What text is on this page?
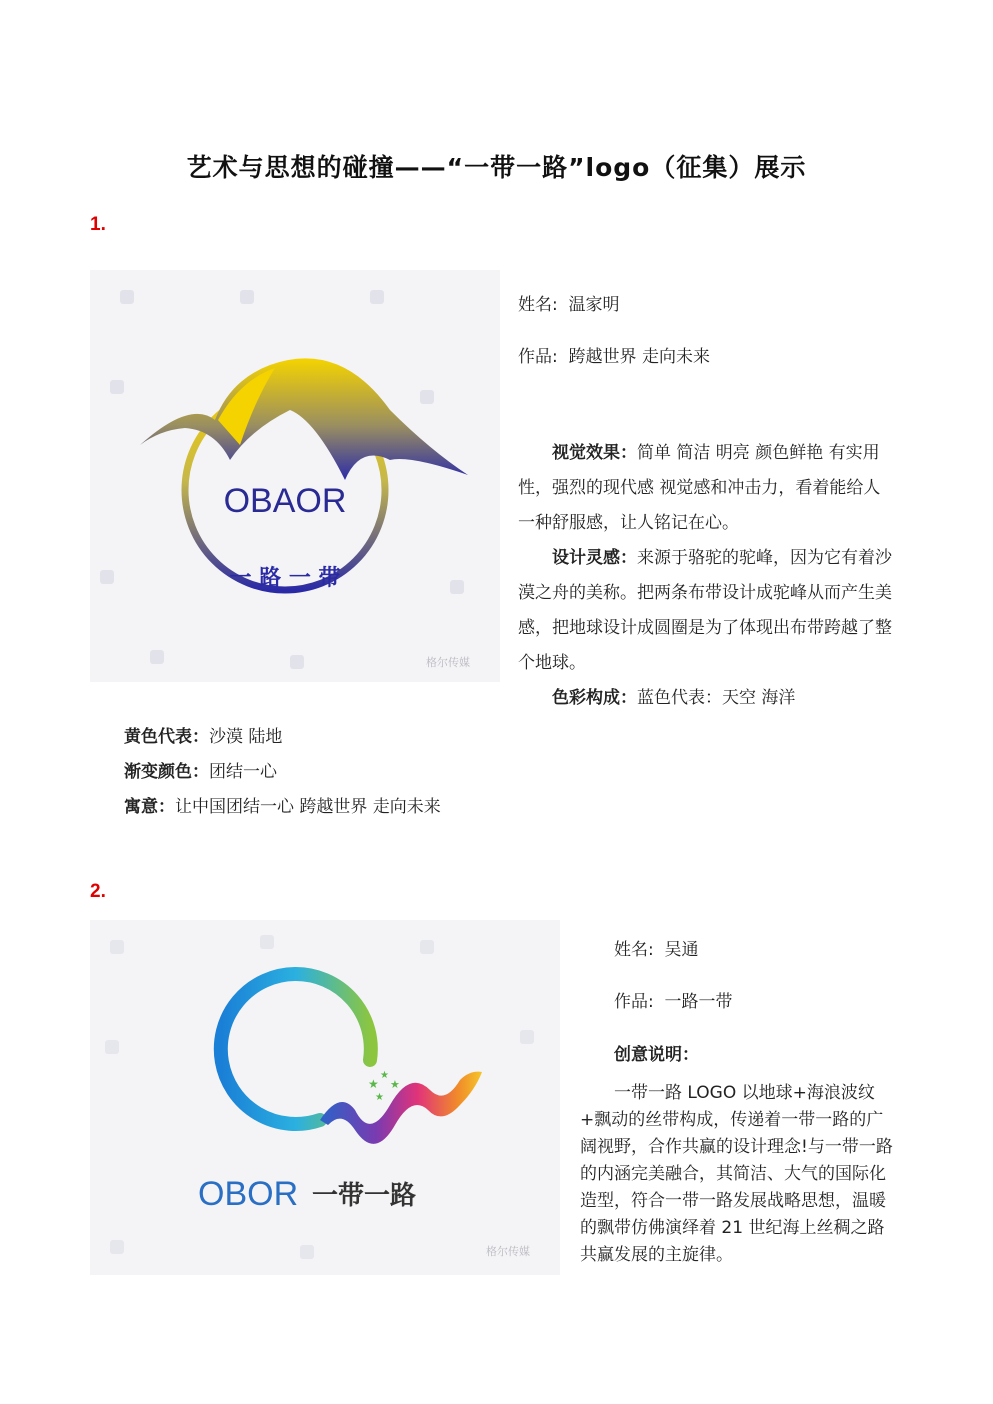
艺术与思想的碰撞——“一带一路”logo（征集）展示
1.
OBAOR
一 路 一 带
格尔传媒
姓名: 温家明
作品: 跨越世界 走向未来

视觉效果：简单 简洁 明亮 颜色鲜艳 有实用性，强烈的现代感 视觉感和冲击力，看着能给人一种舒服感，让人铭记在心。

设计灵感：来源于骆驼的驼峰，因为它有着沙漠之舟的美称。把两条布带设计成驼峰从而产生美感，把地球设计成圆圈是为了体现出布带跨越了整个地球。

色彩构成：蓝色代表：天空 海洋

黄色代表：沙漠 陆地
渐变颜色：团结一心
寓意：让中国团结一心 跨越世界 走向未来
2.
★
★
★
★
OBOR 一带一路
格尔传媒
姓名: 吴通
作品: 一路一带
创意说明：

一带一路 LOGO 以地球+海浪波纹+飘动的丝带构成，传递着一带一路的广阔视野，合作共赢的设计理念!与一带一路的内涵完美融合，其简洁、大气的国际化造型，符合一带一路发展战略思想，温暖的飘带仿佛演绎着 21 世纪海上丝稠之路共赢发展的主旋律。
